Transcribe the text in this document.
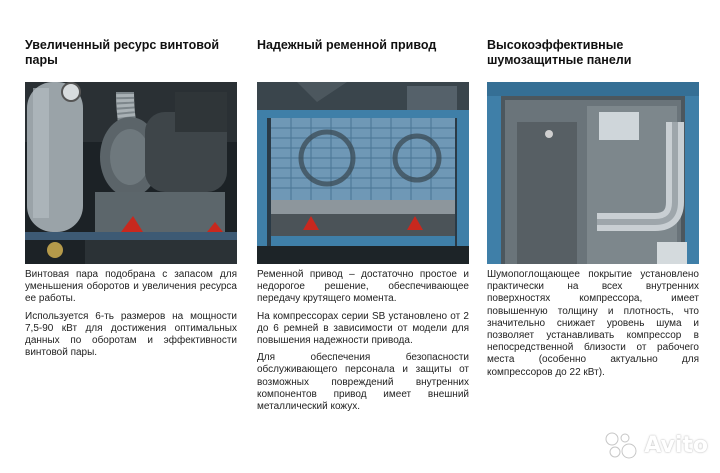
Увеличенный ресурс винтовой пары

Винтовая пара подобрана с запасом для уменьшения оборотов и увеличения ресурса ее работы.

Используется 6-ть размеров на мощности 7,5-90 кВт для достижения оптимальных данных по оборотам и эффективности винтовой пары.

Надежный ременной привод

Ременной привод – достаточно простое и недорогое решение, обеспечивающее передачу крутящего момента.

На компрессорах серии SB установлено от 2 до 6 ремней в зависимости от модели для повышения надежности привода.

Для обеспечения безопасности обслуживающего персонала и защиты от возможных повреждений внутренних компонентов привод имеет внешний металлический кожух.

Высокоэффективные шумозащитные панели

Шумопоглощающее покрытие установлено практически на всех внутренних поверхностях компрессора, имеет повышенную толщину и плотность, что значительно снижает уровень шума и позволяет устанавливать компрессор в непосредственной близости от рабочего места (особенно актуально для компрессоров до 22 кВт).

Avito
